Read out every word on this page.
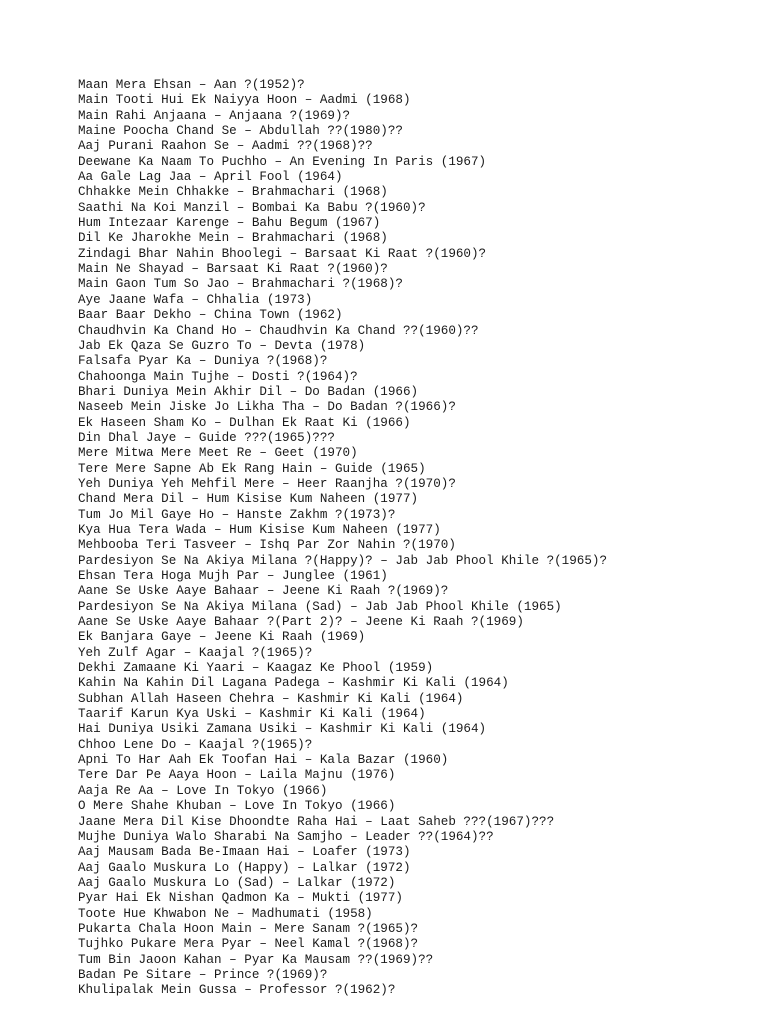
Maan Mera Ehsan – Aan ?(1952)?
Main Tooti Hui Ek Naiyya Hoon – Aadmi (1968)
Main Rahi Anjaana – Anjaana ?(1969)?
Maine Poocha Chand Se – Abdullah ??(1980)??
Aaj Purani Raahon Se – Aadmi ??(1968)??
Deewane Ka Naam To Puchho – An Evening In Paris (1967)
Aa Gale Lag Jaa – April Fool (1964)
Chhakke Mein Chhakke – Brahmachari (1968)
Saathi Na Koi Manzil – Bombai Ka Babu ?(1960)?
Hum Intezaar Karenge – Bahu Begum (1967)
Dil Ke Jharokhe Mein – Brahmachari (1968)
Zindagi Bhar Nahin Bhoolegi – Barsaat Ki Raat ?(1960)?
Main Ne Shayad – Barsaat Ki Raat ?(1960)?
Main Gaon Tum So Jao – Brahmachari ?(1968)?
Aye Jaane Wafa – Chhalia (1973)
Baar Baar Dekho – China Town (1962)
Chaudhvin Ka Chand Ho – Chaudhvin Ka Chand ??(1960)??
Jab Ek Qaza Se Guzro To – Devta (1978)
Falsafa Pyar Ka – Duniya ?(1968)?
Chahoonga Main Tujhe – Dosti ?(1964)?
Bhari Duniya Mein Akhir Dil – Do Badan (1966)
Naseeb Mein Jiske Jo Likha Tha – Do Badan ?(1966)?
Ek Haseen Sham Ko – Dulhan Ek Raat Ki (1966)
Din Dhal Jaye – Guide ???(1965)???
Mere Mitwa Mere Meet Re – Geet (1970)
Tere Mere Sapne Ab Ek Rang Hain – Guide (1965)
Yeh Duniya Yeh Mehfil Mere – Heer Raanjha ?(1970)?
Chand Mera Dil – Hum Kisise Kum Naheen (1977)
Tum Jo Mil Gaye Ho – Hanste Zakhm ?(1973)?
Kya Hua Tera Wada – Hum Kisise Kum Naheen (1977)
Mehbooba Teri Tasveer – Ishq Par Zor Nahin ?(1970)
Pardesiyon Se Na Akiya Milana ?(Happy)? – Jab Jab Phool Khile ?(1965)?
Ehsan Tera Hoga Mujh Par – Junglee (1961)
Aane Se Uske Aaye Bahaar – Jeene Ki Raah ?(1969)?
Pardesiyon Se Na Akiya Milana (Sad) – Jab Jab Phool Khile (1965)
Aane Se Uske Aaye Bahaar ?(Part 2)? – Jeene Ki Raah ?(1969)
Ek Banjara Gaye – Jeene Ki Raah (1969)
Yeh Zulf Agar – Kaajal ?(1965)?
Dekhi Zamaane Ki Yaari – Kaagaz Ke Phool (1959)
Kahin Na Kahin Dil Lagana Padega – Kashmir Ki Kali (1964)
Subhan Allah Haseen Chehra – Kashmir Ki Kali (1964)
Taarif Karun Kya Uski – Kashmir Ki Kali (1964)
Hai Duniya Usiki Zamana Usiki – Kashmir Ki Kali (1964)
Chhoo Lene Do – Kaajal ?(1965)?
Apni To Har Aah Ek Toofan Hai – Kala Bazar (1960)
Tere Dar Pe Aaya Hoon – Laila Majnu (1976)
Aaja Re Aa – Love In Tokyo (1966)
O Mere Shahe Khuban – Love In Tokyo (1966)
Jaane Mera Dil Kise Dhoondte Raha Hai – Laat Saheb ???(1967)???
Mujhe Duniya Walo Sharabi Na Samjho – Leader ??(1964)??
Aaj Mausam Bada Be-Imaan Hai – Loafer (1973)
Aaj Gaalo Muskura Lo (Happy) – Lalkar (1972)
Aaj Gaalo Muskura Lo (Sad) – Lalkar (1972)
Pyar Hai Ek Nishan Qadmon Ka – Mukti (1977)
Toote Hue Khwabon Ne – Madhumati (1958)
Pukarta Chala Hoon Main – Mere Sanam ?(1965)?
Tujhko Pukare Mera Pyar – Neel Kamal ?(1968)?
Tum Bin Jaoon Kahan – Pyar Ka Mausam ??(1969)??
Badan Pe Sitare – Prince ?(1969)?
Khulipalak Mein Gussa – Professor ?(1962)?
